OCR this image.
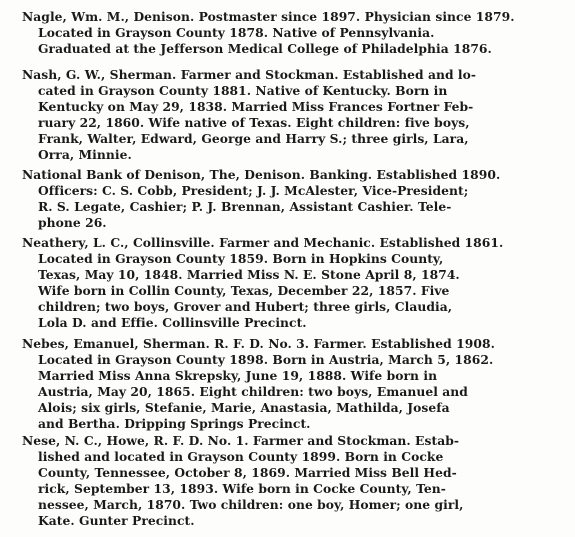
Nagle, Wm. M., Denison. Postmaster since 1897. Physician since 1879.
Located in Grayson County 1878. Native of Pennsylvania.
Graduated at the Jefferson Medical College of Philadelphia 1876.
Nash, G. W., Sherman. Farmer and Stockman. Established and lo-
cated in Grayson County 1881. Native of Kentucky. Born in
Kentucky on May 29, 1838. Married Miss Frances Fortner Feb-
ruary 22, 1860. Wife native of Texas. Eight children: five boys,
Frank, Walter, Edward, George and Harry S.; three girls, Lara,
Orra, Minnie.
National Bank of Denison, The, Denison. Banking. Established 1890.
Officers: C. S. Cobb, President; J. J. McAlester, Vice-President;
R. S. Legate, Cashier; P. J. Brennan, Assistant Cashier. Tele-
phone 26.
Neathery, L. C., Collinsville. Farmer and Mechanic. Established 1861.
Located in Grayson County 1859. Born in Hopkins County,
Texas, May 10, 1848. Married Miss N. E. Stone April 8, 1874.
Wife born in Collin County, Texas, December 22, 1857. Five
children; two boys, Grover and Hubert; three girls, Claudia,
Lola D. and Effie. Collinsville Precinct.
Nebes, Emanuel, Sherman. R. F. D. No. 3. Farmer. Established 1908.
Located in Grayson County 1898. Born in Austria, March 5, 1862.
Married Miss Anna Skrepsky, June 19, 1888. Wife born in
Austria, May 20, 1865. Eight children: two boys, Emanuel and
Alois; six girls, Stefanie, Marie, Anastasia, Mathilda, Josefa
and Bertha. Dripping Springs Precinct.
Nese, N. C., Howe, R. F. D. No. 1. Farmer and Stockman. Estab-
lished and located in Grayson County 1899. Born in Cocke
County, Tennessee, October 8, 1869. Married Miss Bell Hed-
rick, September 13, 1893. Wife born in Cocke County, Ten-
nessee, March, 1870. Two children: one boy, Homer; one girl,
Kate. Gunter Precinct.
